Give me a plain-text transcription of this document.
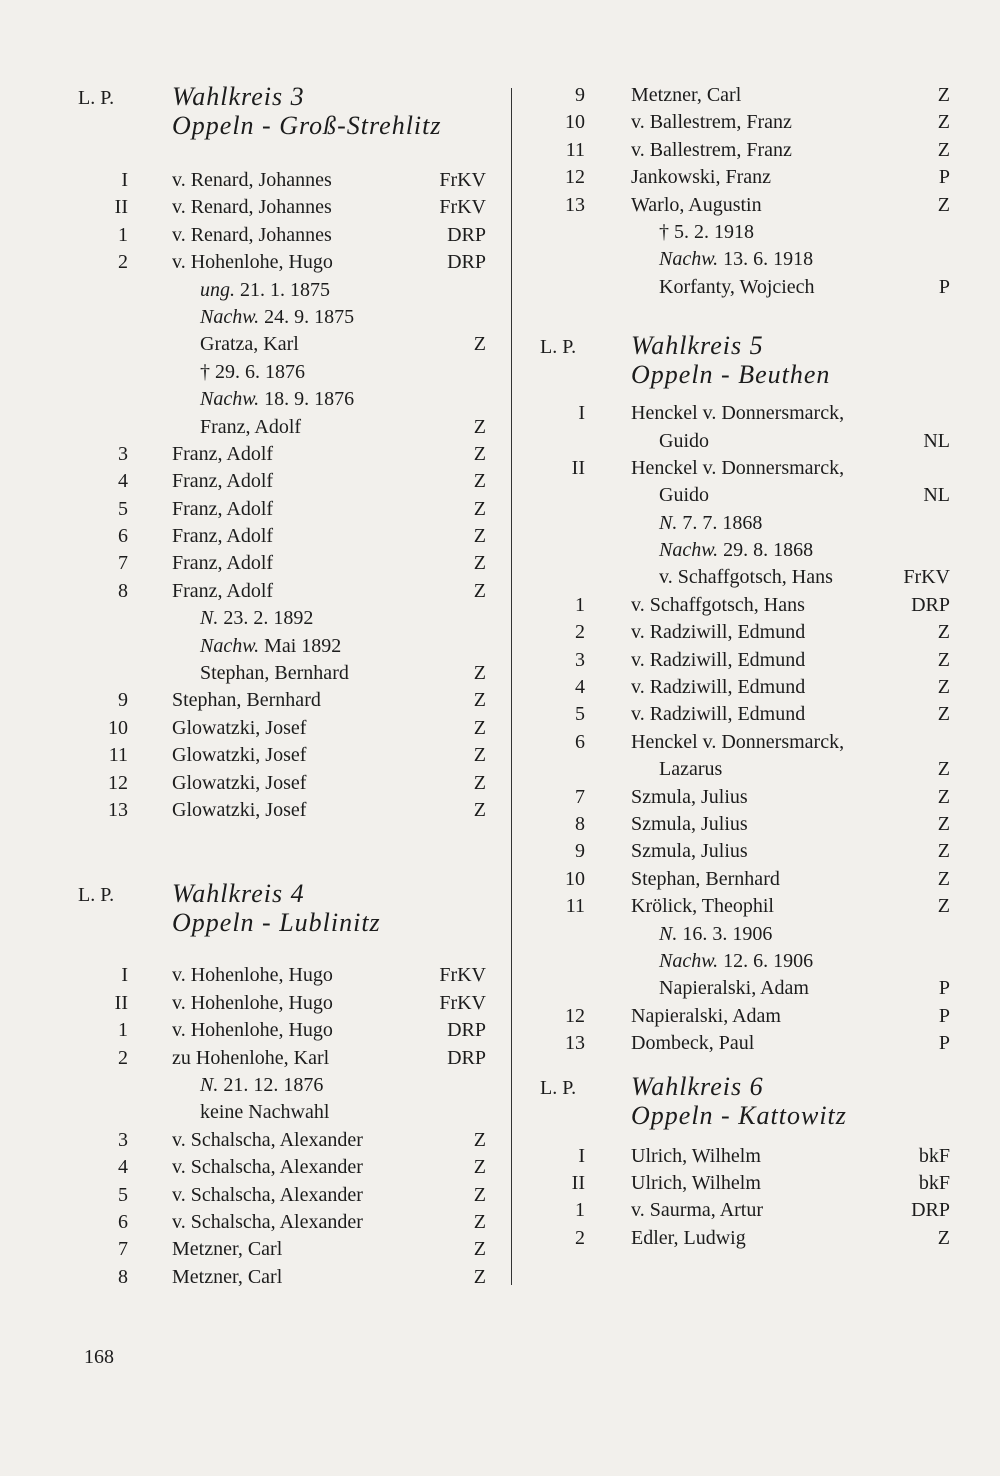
L. P. Wahlkreis 3
Oppeln - Groß-Strehlitz
I v. Renard, Johannes	FrKV
II v. Renard, Johannes	FrKV
1 v. Renard, Johannes	DRP
2 v. Hohenlohe, Hugo	DRP
ung. 21. 1. 1875
Nachw. 24. 9. 1875
Gratza, Karl	Z
† 29. 6. 1876
Nachw. 18. 9. 1876
Franz, Adolf	Z
3 Franz, Adolf	Z
4 Franz, Adolf	Z
5 Franz, Adolf	Z
6 Franz, Adolf	Z
7 Franz, Adolf	Z
8 Franz, Adolf	Z
N. 23. 2. 1892
Nachw. Mai 1892
Stephan, Bernhard	Z
9 Stephan, Bernhard	Z
10 Glowatzki, Josef	Z
11 Glowatzki, Josef	Z
12 Glowatzki, Josef	Z
13 Glowatzki, Josef	Z
L. P. Wahlkreis 4
Oppeln - Lublinitz
I v. Hohenlohe, Hugo	FrKV
II v. Hohenlohe, Hugo	FrKV
1 v. Hohenlohe, Hugo	DRP
2 zu Hohenlohe, Karl	DRP
N. 21. 12. 1876
keine Nachwahl
3 v. Schalscha, Alexander	Z
4 v. Schalscha, Alexander	Z
5 v. Schalscha, Alexander	Z
6 v. Schalscha, Alexander	Z
7 Metzner, Carl	Z
8 Metzner, Carl	Z
9 Metzner, Carl	Z
10 v. Ballestrem, Franz	Z
11 v. Ballestrem, Franz	Z
12 Jankowski, Franz	P
13 Warlo, Augustin	Z
† 5. 2. 1918
Nachw. 13. 6. 1918
Korfanty, Wojciech	P
L. P. Wahlkreis 5
Oppeln - Beuthen
I Henckel v. Donnersmarck,
Guido	NL
II Henckel v. Donnersmarck,
Guido	NL
N. 7. 7. 1868
Nachw. 29. 8. 1868
v. Schaffgotsch, Hans	FrKV
1 v. Schaffgotsch, Hans	DRP
2 v. Radziwill, Edmund	Z
3 v. Radziwill, Edmund	Z
4 v. Radziwill, Edmund	Z
5 v. Radziwill, Edmund	Z
6 Henckel v. Donnersmarck,
Lazarus	Z
7 Szmula, Julius	Z
8 Szmula, Julius	Z
9 Szmula, Julius	Z
10 Stephan, Bernhard	Z
11 Krölick, Theophil	Z
N. 16. 3. 1906
Nachw. 12. 6. 1906
Napieralski, Adam	P
12 Napieralski, Adam	P
13 Dombeck, Paul	P
L. P. Wahlkreis 6
Oppeln - Kattowitz
I Ulrich, Wilhelm	bkF
II Ulrich, Wilhelm	bkF
1 v. Saurma, Artur	DRP
2 Edler, Ludwig	Z
168
